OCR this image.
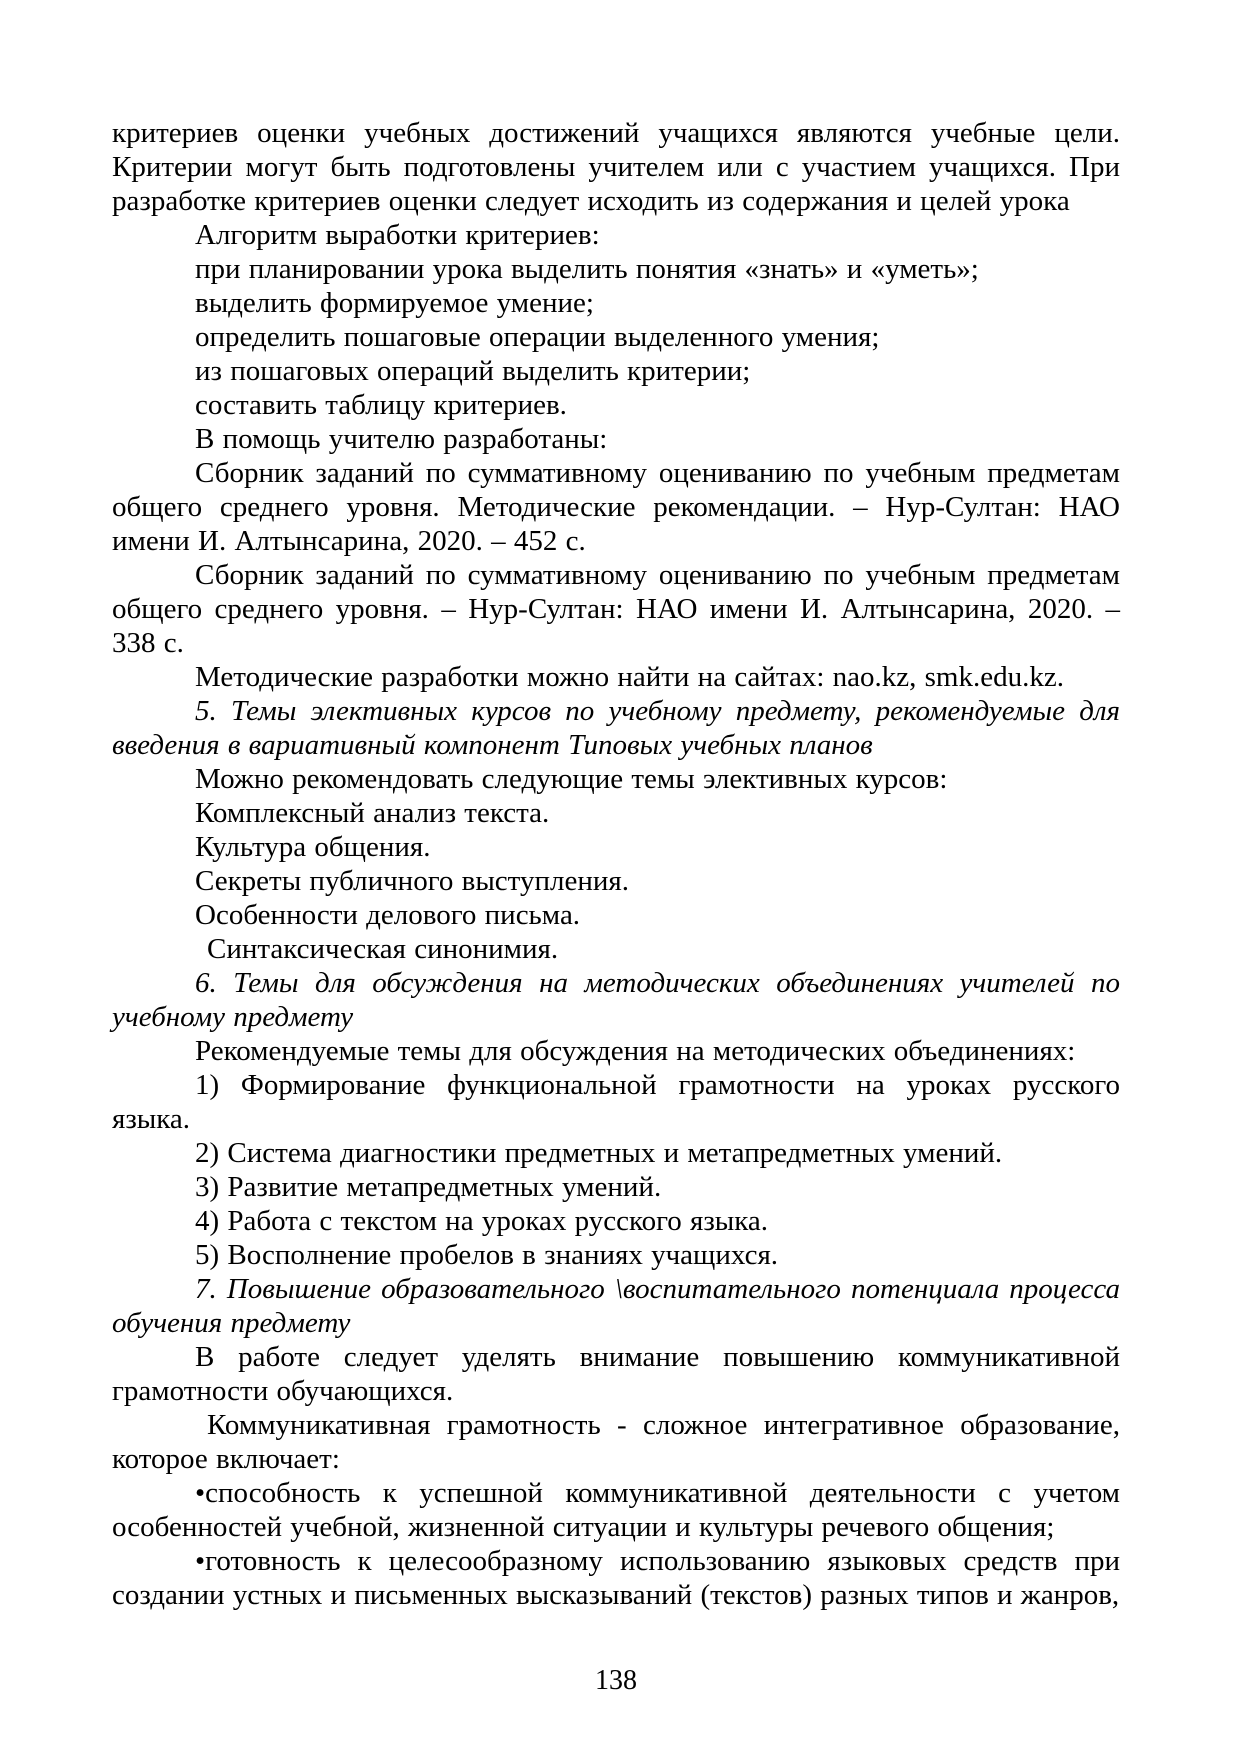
критериев оценки учебных достижений учащихся являются учебные цели. Критерии могут быть подготовлены учителем или с участием учащихся. При разработке критериев оценки следует исходить из содержания и целей урока

Алгоритм выработки критериев:

при планировании урока выделить понятия «знать» и «уметь»;

выделить формируемое умение;

определить пошаговые операции выделенного умения;

из пошаговых операций выделить критерии;

составить таблицу критериев.

В помощь учителю разработаны:

Сборник заданий по суммативному оцениванию по учебным предметам общего среднего уровня. Методические рекомендации. – Нур-Султан: НАО имени И. Алтынсарина, 2020. – 452 с.

Сборник заданий по суммативному оцениванию по учебным предметам общего среднего уровня. – Нур-Султан: НАО имени И. Алтынсарина, 2020. – 338 с.

Методические разработки можно найти на сайтах: nao.kz, smk.edu.kz.

5. Темы элективных курсов по учебному предмету, рекомендуемые для введения в вариативный компонент Типовых учебных планов

Можно рекомендовать следующие темы элективных курсов:

Комплексный анализ текста.

Культура общения.

Секреты публичного выступления.

Особенности делового письма.

Синтаксическая синонимия.

6. Темы для обсуждения на методических объединениях учителей по учебному предмету

Рекомендуемые темы для обсуждения на методических объединениях:

1) Формирование функциональной грамотности на уроках русского языка.

2) Система диагностики предметных и метапредметных умений.

3) Развитие метапредметных умений.

4) Работа с текстом на уроках русского языка.

5) Восполнение пробелов в знаниях учащихся.

7. Повышение образовательного \воспитательного потенциала процесса обучения предмету

В работе следует уделять внимание повышению коммуникативной грамотности обучающихся.

Коммуникативная грамотность - сложное интегративное образование, которое включает:

•способность к успешной коммуникативной деятельности с учетом особенностей учебной, жизненной ситуации и культуры речевого общения;

•готовность к целесообразному использованию языковых средств при создании устных и письменных высказываний (текстов) разных типов и жанров,

138
